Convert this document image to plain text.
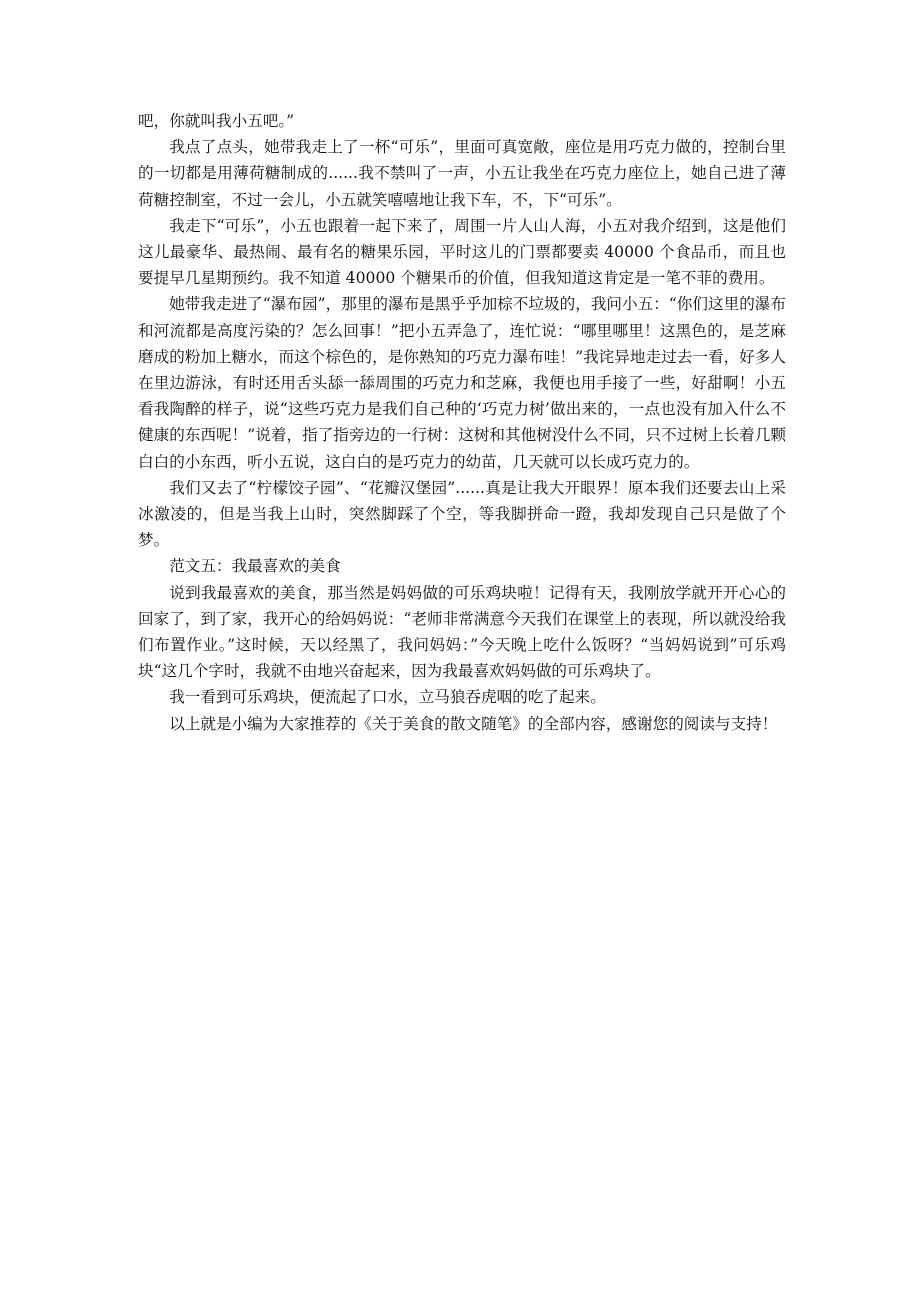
吧，你就叫我小五吧。”

我点了点头，她带我走上了一杯“可乐”，里面可真宽敞，座位是用巧克力做的，控制台里的一切都是用薄荷糖制成的......我不禁叫了一声，小五让我坐在巧克力座位上，她自己进了薄荷糖控制室，不过一会儿，小五就笑嘻嘻地让我下车，不，下“可乐”。

我走下“可乐”，小五也跟着一起下来了，周围一片人山人海，小五对我介绍到，这是他们这儿最豪华、最热闹、最有名的糖果乐园，平时这儿的门票都要卖 40000 个食品币，而且也要提早几星期预约。我不知道 40000 个糖果币的价值，但我知道这肯定是一笔不菲的费用。

她带我走进了“瀑布园”，那里的瀑布是黑乎乎加棕不垃圾的，我问小五：“你们这里的瀑布和河流都是高度污染的？怎么回事！”把小五弄急了，连忙说：“哪里哪里！这黑色的，是芝麻磨成的粉加上糖水，而这个棕色的，是你熟知的巧克力瀑布哇！”我诧异地走过去一看，好多人在里边游泳，有时还用舌头舔一舔周围的巧克力和芝麻，我便也用手接了一些，好甜啊！小五看我陶醉的样子，说“这些巧克力是我们自己种的‘巧克力树’做出来的，一点也没有加入什么不健康的东西呢！”说着，指了指旁边的一行树：这树和其他树没什么不同，只不过树上长着几颗白白的小东西，听小五说，这白白的是巧克力的幼苗，几天就可以长成巧克力的。

我们又去了“柠檬饺子园”、“花瓣汉堡园”......真是让我大开眼界！原本我们还要去山上采冰激凌的，但是当我上山时，突然脚踩了个空，等我脚拼命一蹬，我却发现自己只是做了个梦。

范文五：我最喜欢的美食

说到我最喜欢的美食，那当然是妈妈做的可乐鸡块啦！记得有天，我刚放学就开开心心的回家了，到了家，我开心的给妈妈说：“老师非常满意今天我们在课堂上的表现，所以就没给我们布置作业。”这时候，天以经黑了，我问妈妈：”今天晚上吃什么饭呀？“当妈妈说到”可乐鸡块“这几个字时，我就不由地兴奋起来，因为我最喜欢妈妈做的可乐鸡块了。

我一看到可乐鸡块，便流起了口水，立马狼吞虎咽的吃了起来。

以上就是小编为大家推荐的《关于美食的散文随笔》的全部内容，感谢您的阅读与支持！
